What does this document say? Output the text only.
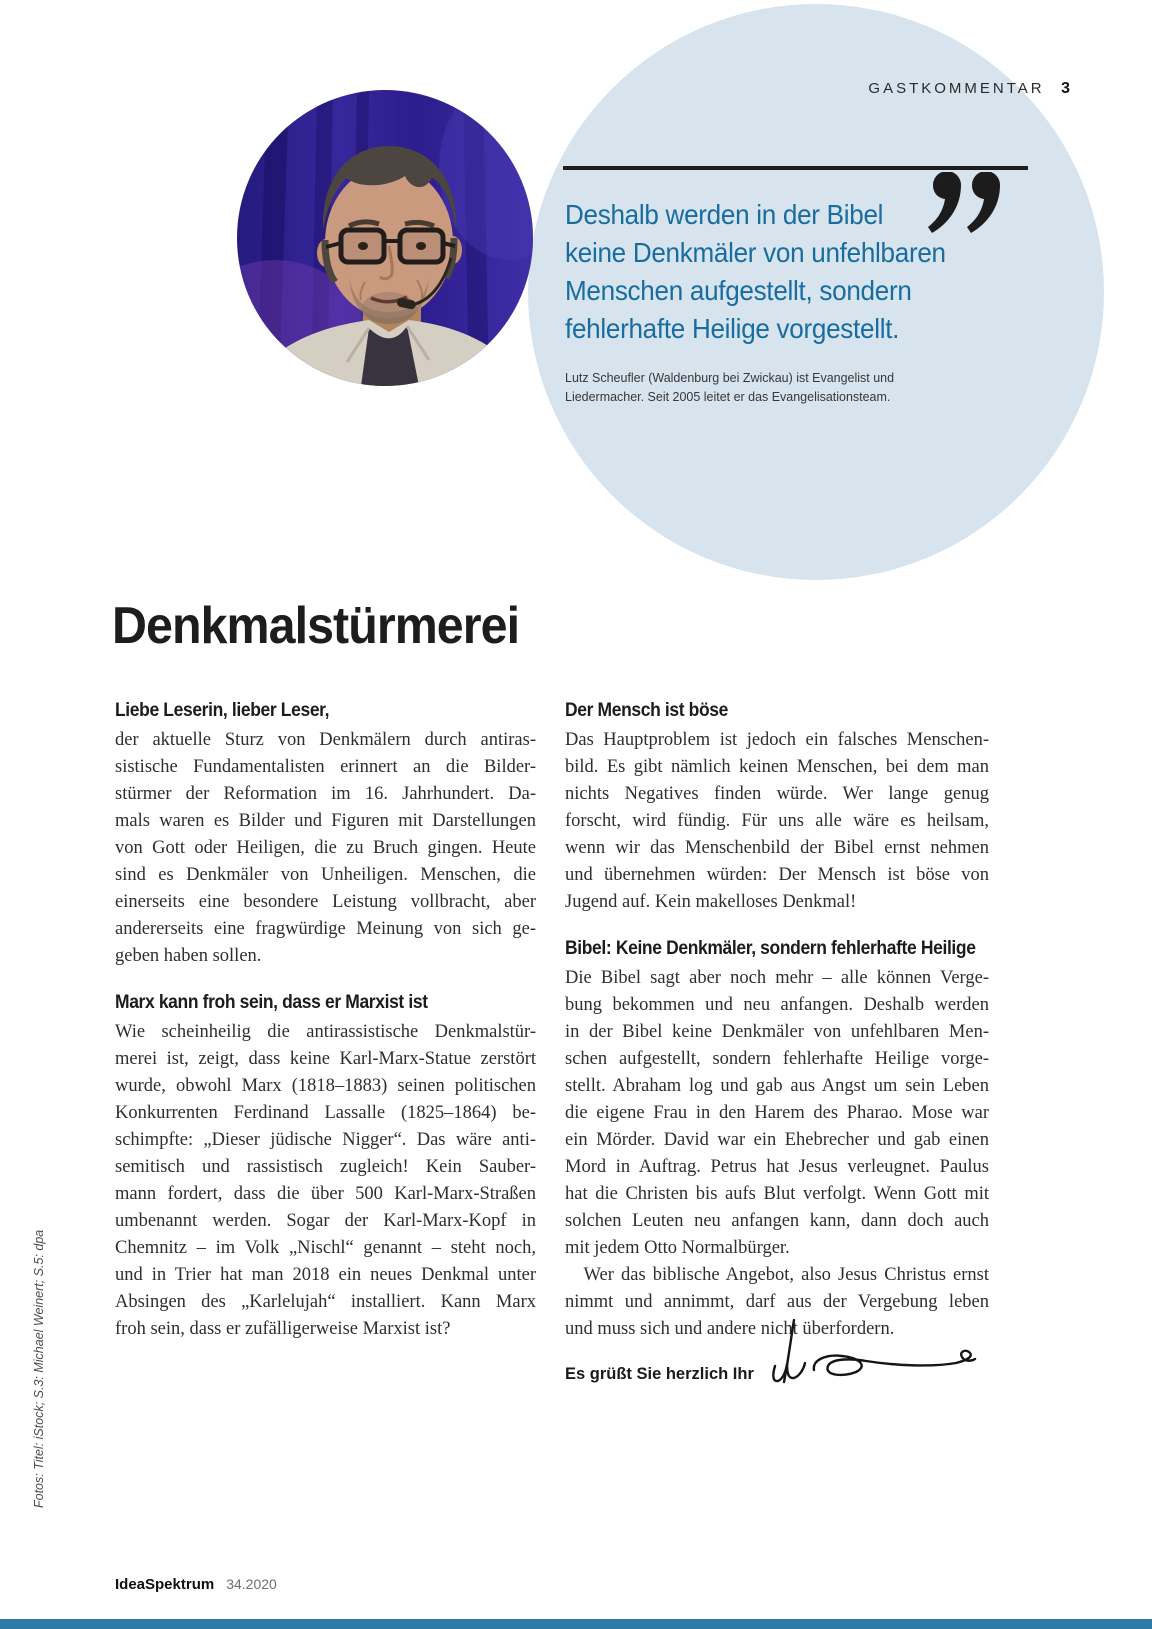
GASTKOMMENTAR 3
Deshalb werden in der Bibel
keine Denkmäler von unfehlbaren
Menschen aufgestellt, sondern
fehlerhafte Heilige vorgestellt.
Lutz Scheufler (Waldenburg bei Zwickau) ist Evangelist und
Liedermacher. Seit 2005 leitet er das Evangelisationsteam.
Denkmalstürmerei
Liebe Leserin, lieber Leser,
der aktuelle Sturz von Denkmälern durch antiras-
sistische Fundamentalisten erinnert an die Bilder-
stürmer der Reformation im 16. Jahrhundert. Da-
mals waren es Bilder und Figuren mit Darstellungen
von Gott oder Heiligen, die zu Bruch gingen. Heute
sind es Denkmäler von Unheiligen. Menschen, die
einerseits eine besondere Leistung vollbracht, aber
andererseits eine fragwürdige Meinung von sich ge-
geben haben sollen.
Marx kann froh sein, dass er Marxist ist
Wie scheinheilig die antirassistische Denkmalstür-
merei ist, zeigt, dass keine Karl-Marx-Statue zerstört
wurde, obwohl Marx (1818–1883) seinen politischen
Konkurrenten Ferdinand Lassalle (1825–1864) be-
schimpfte: „Dieser jüdische Nigger“. Das wäre anti-
semitisch und rassistisch zugleich! Kein Sauber-
mann fordert, dass die über 500 Karl-Marx-Straßen
umbenannt werden. Sogar der Karl-Marx-Kopf in
Chemnitz – im Volk „Nischl“ genannt – steht noch,
und in Trier hat man 2018 ein neues Denkmal unter
Absingen des „Karlelujah“ installiert. Kann Marx
froh sein, dass er zufälligerweise Marxist ist?
Der Mensch ist böse
Das Hauptproblem ist jedoch ein falsches Menschen-
bild. Es gibt nämlich keinen Menschen, bei dem man
nichts Negatives finden würde. Wer lange genug
forscht, wird fündig. Für uns alle wäre es heilsam,
wenn wir das Menschenbild der Bibel ernst nehmen
und übernehmen würden: Der Mensch ist böse von
Jugend auf. Kein makelloses Denkmal!
Bibel: Keine Denkmäler, sondern fehlerhafte Heilige
Die Bibel sagt aber noch mehr – alle können Verge-
bung bekommen und neu anfangen. Deshalb werden
in der Bibel keine Denkmäler von unfehlbaren Men-
schen aufgestellt, sondern fehlerhafte Heilige vorge-
stellt. Abraham log und gab aus Angst um sein Leben
die eigene Frau in den Harem des Pharao. Mose war
ein Mörder. David war ein Ehebrecher und gab einen
Mord in Auftrag. Petrus hat Jesus verleugnet. Paulus
hat die Christen bis aufs Blut verfolgt. Wenn Gott mit
solchen Leuten neu anfangen kann, dann doch auch
mit jedem Otto Normalbürger.
 Wer das biblische Angebot, also Jesus Christus ernst
nimmt und annimmt, darf aus der Vergebung leben
und muss sich und andere nicht überfordern.
Es grüßt Sie herzlich Ihr
Fotos: Titel: iStock; S.3: Michael Weinert; S.5: dpa
IdeaSpektrum 34.2020
